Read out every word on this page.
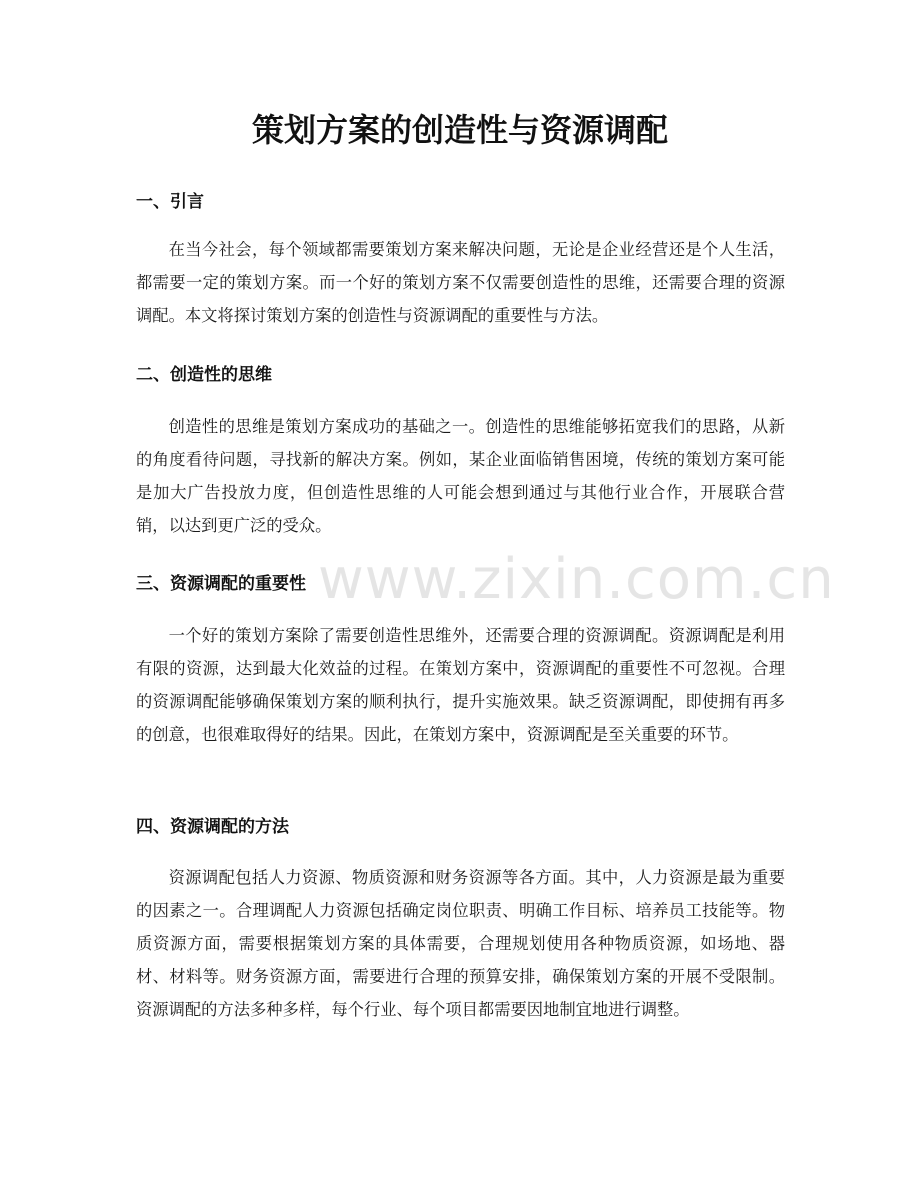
策划方案的创造性与资源调配
www.zixin.com.cn
一、引言

在当今社会，每个领域都需要策划方案来解决问题，无论是企业经营还是个人生活，都需要一定的策划方案。而一个好的策划方案不仅需要创造性的思维，还需要合理的资源调配。本文将探讨策划方案的创造性与资源调配的重要性与方法。

二、创造性的思维

创造性的思维是策划方案成功的基础之一。创造性的思维能够拓宽我们的思路，从新的角度看待问题，寻找新的解决方案。例如，某企业面临销售困境，传统的策划方案可能是加大广告投放力度，但创造性思维的人可能会想到通过与其他行业合作，开展联合营销，以达到更广泛的受众。

三、资源调配的重要性

一个好的策划方案除了需要创造性思维外，还需要合理的资源调配。资源调配是利用有限的资源，达到最大化效益的过程。在策划方案中，资源调配的重要性不可忽视。合理的资源调配能够确保策划方案的顺利执行，提升实施效果。缺乏资源调配，即使拥有再多的创意，也很难取得好的结果。因此，在策划方案中，资源调配是至关重要的环节。

四、资源调配的方法

资源调配包括人力资源、物质资源和财务资源等各方面。其中，人力资源是最为重要的因素之一。合理调配人力资源包括确定岗位职责、明确工作目标、培养员工技能等。物质资源方面，需要根据策划方案的具体需要，合理规划使用各种物质资源，如场地、器材、材料等。财务资源方面，需要进行合理的预算安排，确保策划方案的开展不受限制。资源调配的方法多种多样，每个行业、每个项目都需要因地制宜地进行调整。
